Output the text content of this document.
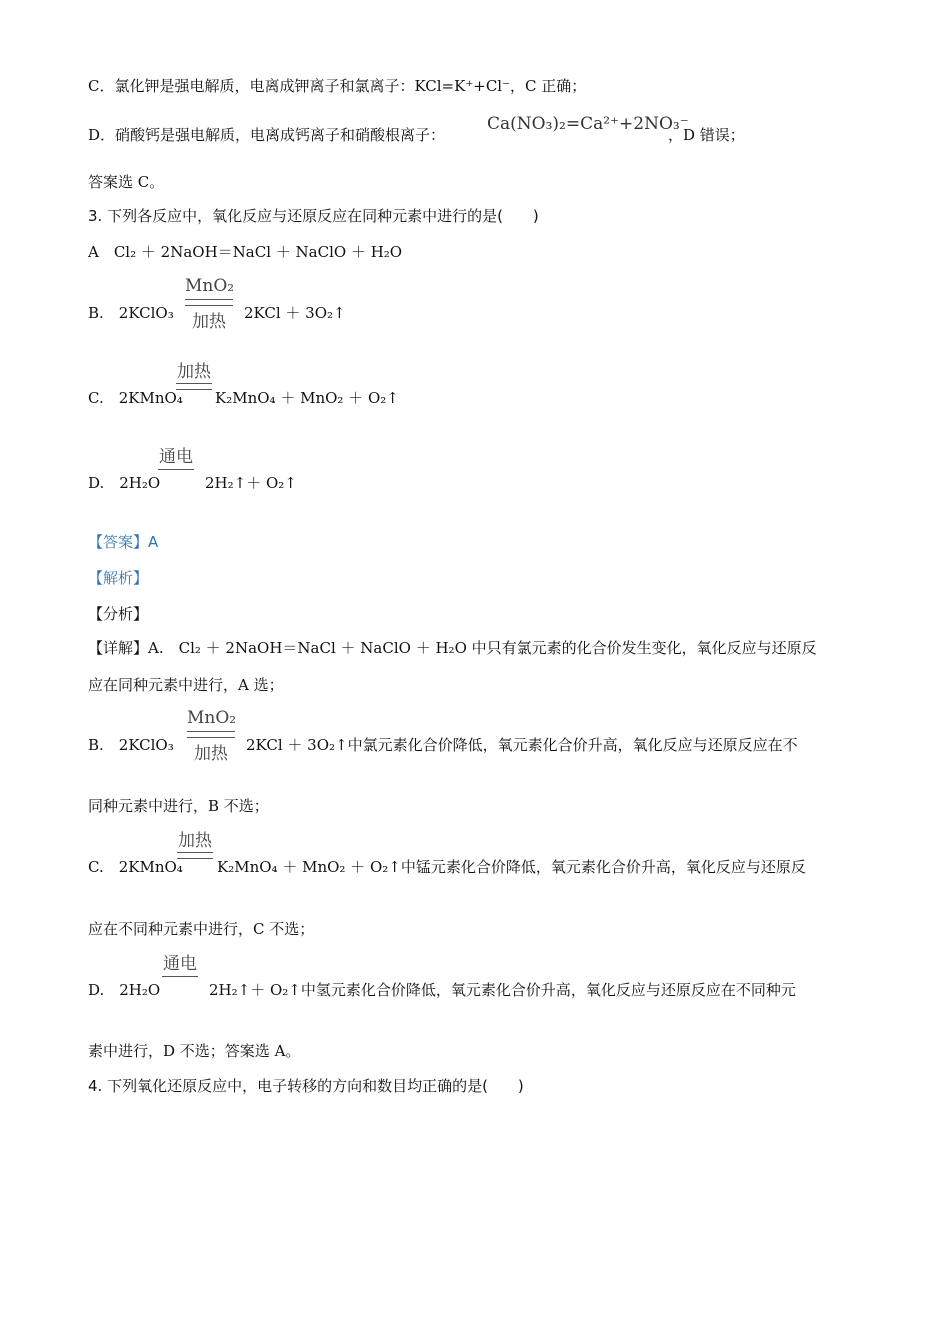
C．氯化钾是强电解质，电离成钾离子和氯离子：KCl=K⁺+Cl⁻，C 正确；
D．硝酸钙是强电解质，电离成钙离子和硝酸根离子：
Ca(NO₃)₂=Ca²⁺+2NO₃⁻
，D 错误；
答案选 C。
3. 下列各反应中，氧化反应与还原反应在同种元素中进行的是(　　)
A　Cl₂ ＋ 2NaOH＝NaCl ＋ NaClO ＋ H₂O
B.　2KClO₃
MnO₂
加热	2KCl ＋ 3O₂↑
C.　2KMnO₄
加热
K₂MnO₄ ＋ MnO₂ ＋ O₂↑
D.　2H₂O
通电
2H₂↑＋ O₂↑
【答案】A
【解析】
【分析】
【详解】A.　Cl₂ ＋ 2NaOH＝NaCl ＋ NaClO ＋ H₂O 中只有氯元素的化合价发生变化，氧化反应与还原反
应在同种元素中进行，A 选；
B.　2KClO₃
MnO₂
加热	2KCl ＋ 3O₂↑中氯元素化合价降低，氧元素化合价升高，氧化反应与还原反应在不
同种元素中进行，B 不选；
C.　2KMnO₄
加热
K₂MnO₄ ＋ MnO₂ ＋ O₂↑中锰元素化合价降低，氧元素化合价升高，氧化反应与还原反
应在不同种元素中进行，C 不选；
D.　2H₂O
通电
2H₂↑＋ O₂↑中氢元素化合价降低，氧元素化合价升高，氧化反应与还原反应在不同种元
素中进行，D 不选；答案选 A。
4. 下列氧化还原反应中，电子转移的方向和数目均正确的是(　　)
